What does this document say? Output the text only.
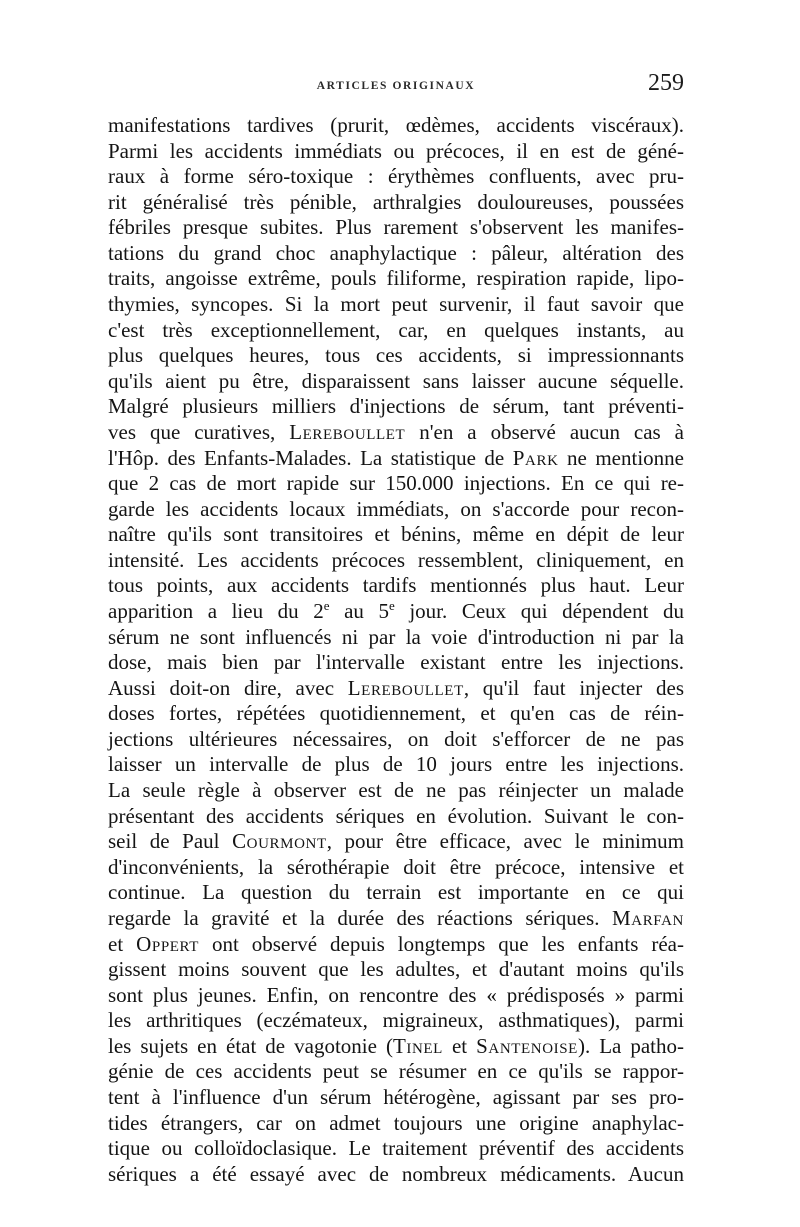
ARTICLES ORIGINAUX	259
manifestations tardives (prurit, œdèmes, accidents viscéraux).
Parmi les accidents immédiats ou précoces, il en est de géné-
raux à forme séro-toxique : érythèmes confluents, avec pru-
rit généralisé très pénible, arthralgies douloureuses, poussées
fébriles presque subites. Plus rarement s'observent les manifes-
tations du grand choc anaphylactique : pâleur, altération des
traits, angoisse extrême, pouls filiforme, respiration rapide, lipo-
thymies, syncopes. Si la mort peut survenir, il faut savoir que
c'est très exceptionnellement, car, en quelques instants, au
plus quelques heures, tous ces accidents, si impressionnants
qu'ils aient pu être, disparaissent sans laisser aucune séquelle.
Malgré plusieurs milliers d'injections de sérum, tant préventi-
ves que curatives, Lereboullet n'en a observé aucun cas à
l'Hôp. des Enfants-Malades. La statistique de Park ne mentionne
que 2 cas de mort rapide sur 150.000 injections. En ce qui re-
garde les accidents locaux immédiats, on s'accorde pour recon-
naître qu'ils sont transitoires et bénins, même en dépit de leur
intensité. Les accidents précoces ressemblent, cliniquement, en
tous points, aux accidents tardifs mentionnés plus haut. Leur
apparition a lieu du 2e au 5e jour. Ceux qui dépendent du
sérum ne sont influencés ni par la voie d'introduction ni par la
dose, mais bien par l'intervalle existant entre les injections.
Aussi doit-on dire, avec Lereboullet, qu'il faut injecter des
doses fortes, répétées quotidiennement, et qu'en cas de réin-
jections ultérieures nécessaires, on doit s'efforcer de ne pas
laisser un intervalle de plus de 10 jours entre les injections.
La seule règle à observer est de ne pas réinjecter un malade
présentant des accidents sériques en évolution. Suivant le con-
seil de Paul Courmont, pour être efficace, avec le minimum
d'inconvénients, la sérothérapie doit être précoce, intensive et
continue. La question du terrain est importante en ce qui
regarde la gravité et la durée des réactions sériques. Marfan
et Oppert ont observé depuis longtemps que les enfants réa-
gissent moins souvent que les adultes, et d'autant moins qu'ils
sont plus jeunes. Enfin, on rencontre des « prédisposés » parmi
les arthritiques (eczémateux, migraineux, asthmatiques), parmi
les sujets en état de vagotonie (Tinel et Santenoise). La patho-
génie de ces accidents peut se résumer en ce qu'ils se rappor-
tent à l'influence d'un sérum hétérogène, agissant par ses pro-
tides étrangers, car on admet toujours une origine anaphylac-
tique ou colloïdoclasique. Le traitement préventif des accidents
sériques a été essayé avec de nombreux médicaments. Aucun
